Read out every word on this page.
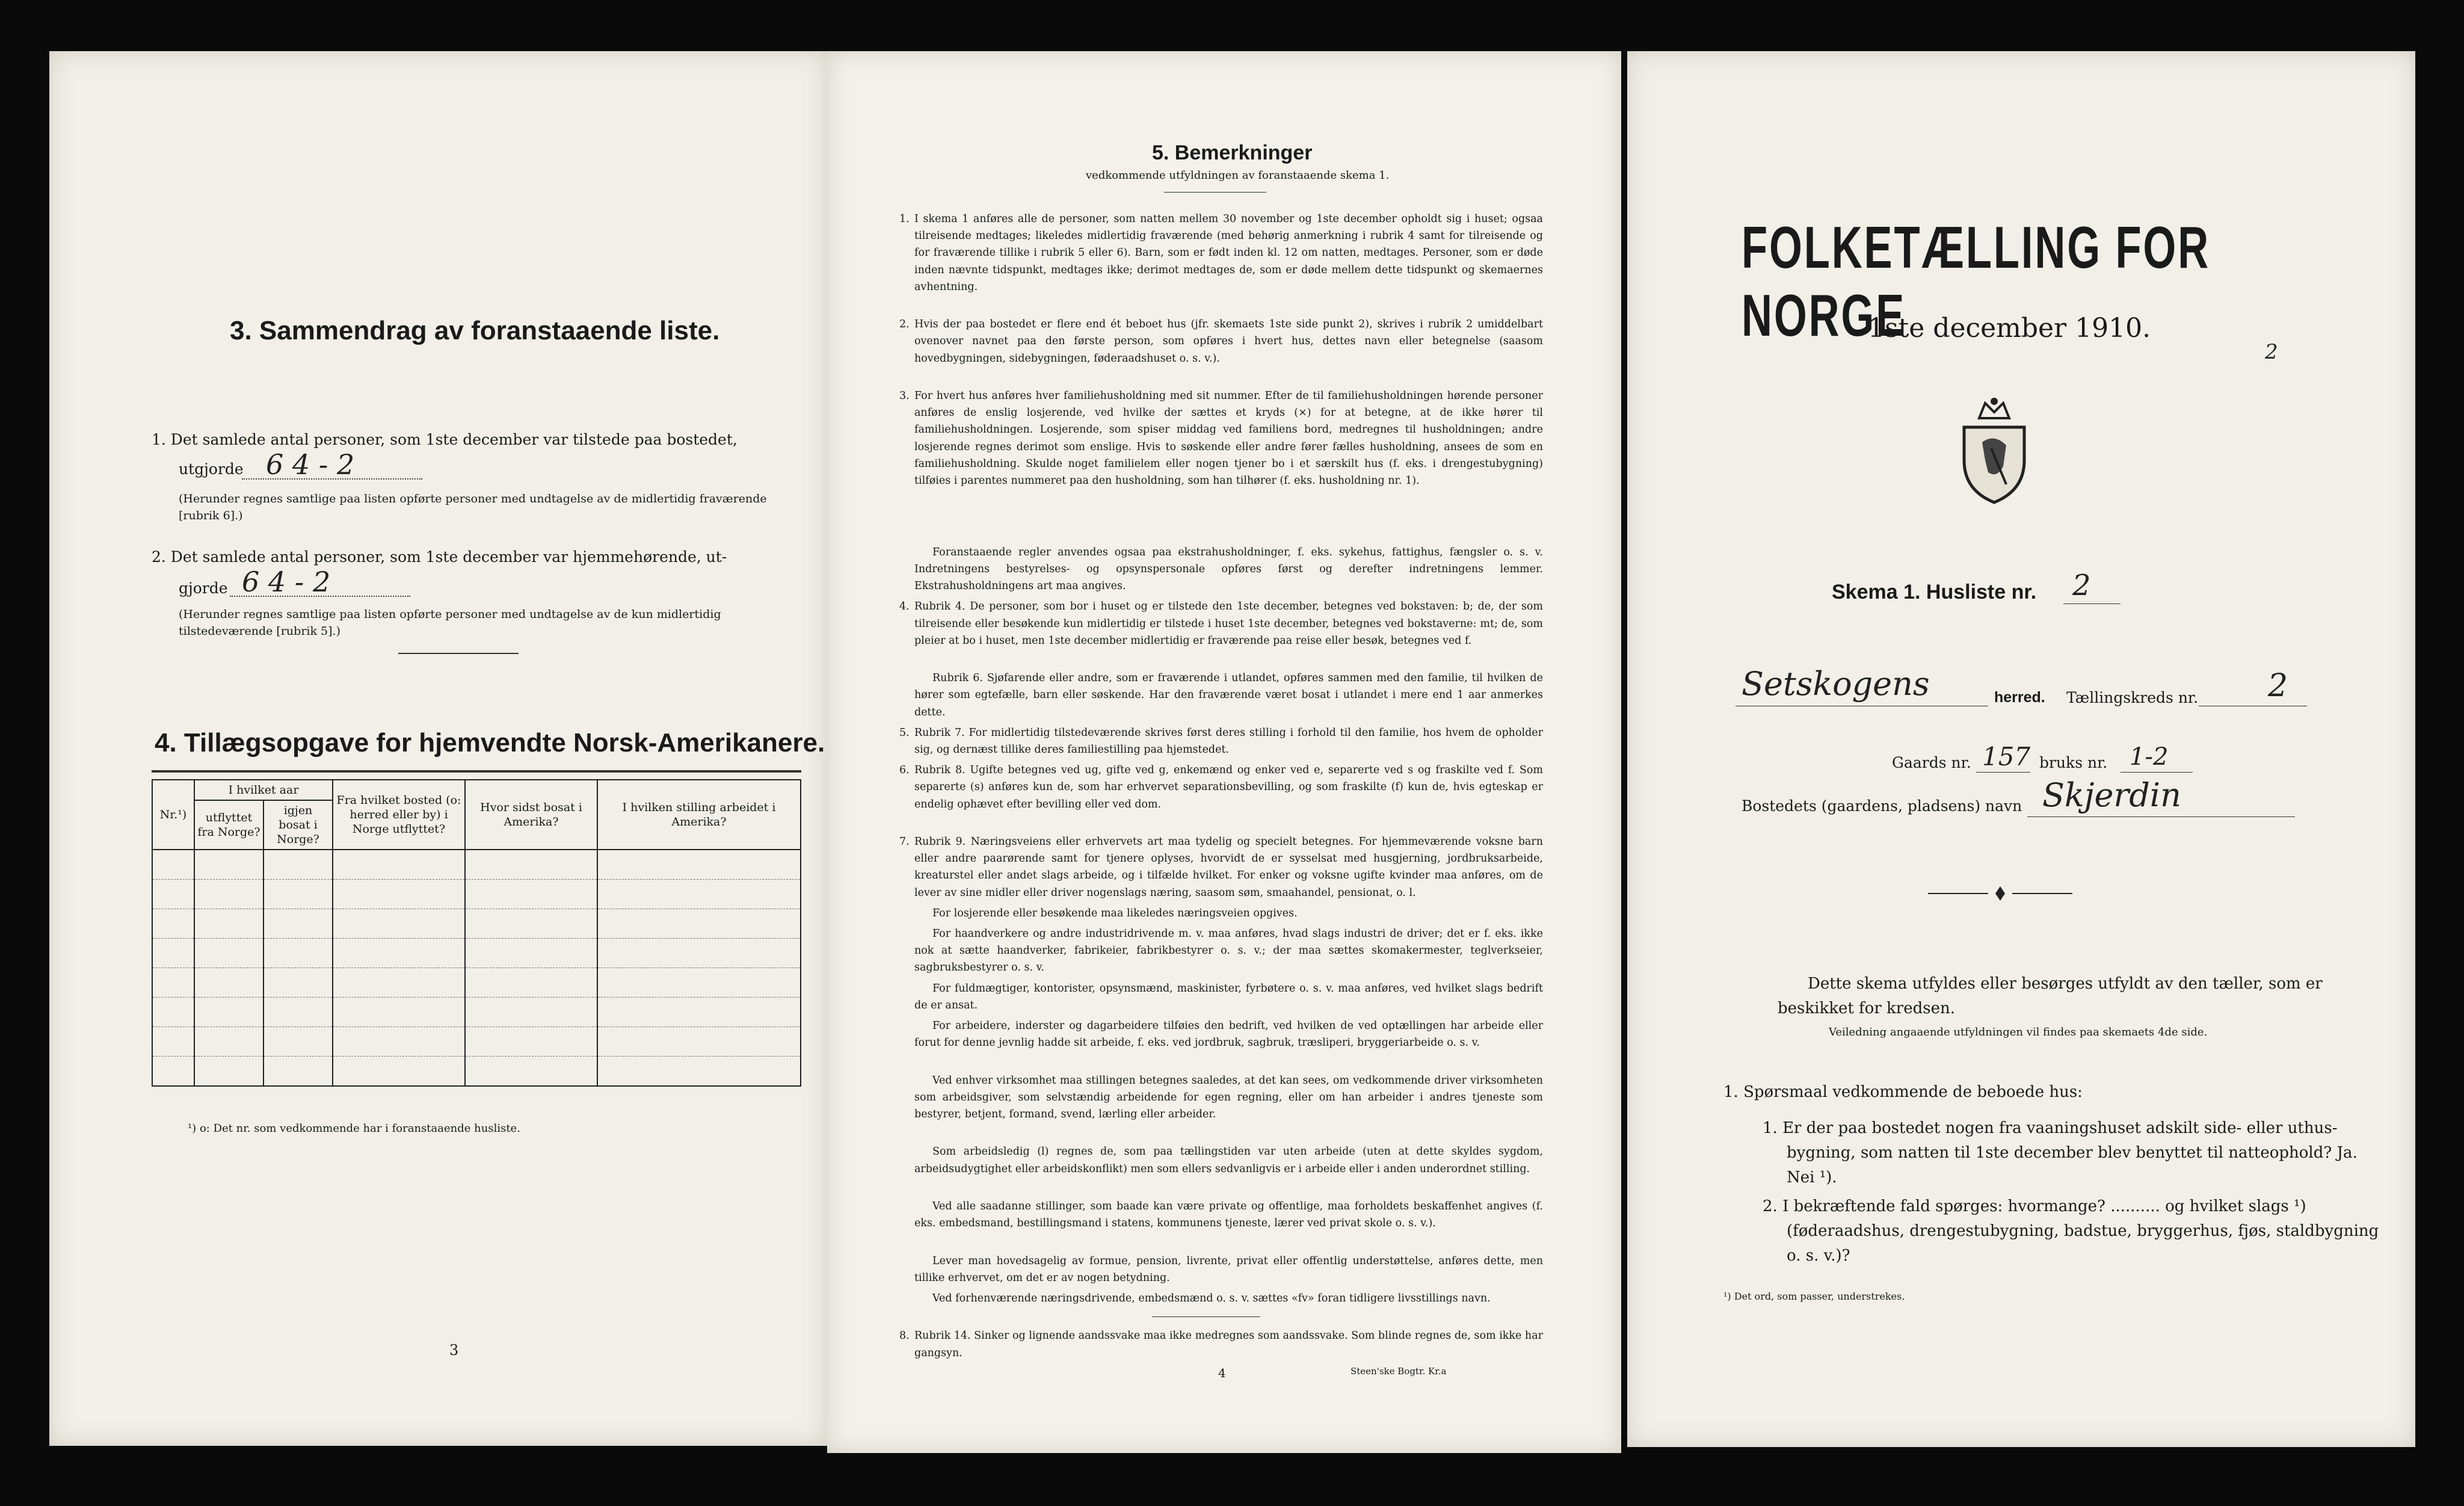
3. Sammendrag av foranstaaende liste.
1. Det samlede antal personer, som 1ste december var tilstede paa bostedet,
utgjorde 6 4 - 2
(Herunder regnes samtlige paa listen opførte personer med undtagelse av de midlertidig fraværende [rubrik 6].)
2. Det samlede antal personer, som 1ste december var hjemmehørende, ut-
gjorde 6 4 - 2
(Herunder regnes samtlige paa listen opførte personer med undtagelse av de kun midlertidig tilstedeværende [rubrik 5].)
4. Tillægsopgave for hjemvendte Norsk-Amerikanere.
Nr.¹)	I hvilket aar		Fra hvilket bosted (o: herred eller by) i Norge utflyttet?	Hvor sidst bosat i Amerika?	I hvilken stilling arbeidet i Amerika?
	utflyttet fra Norge?	igjen bosat i Norge?			

¹) o: Det nr. som vedkommende har i foranstaaende husliste.
3
5. Bemerkninger
vedkommende utfyldningen av foranstaaende skema 1.
1. I skema 1 anføres alle de personer, som natten mellem 30 november og 1ste december opholdt sig i huset; ogsaa tilreisende medtages; likeledes midlertidig fraværende (med behørig anmerkning i rubrik 4 samt for tilreisende og for fraværende tillike i rubrik 5 eller 6). Barn, som er født inden kl. 12 om natten, medtages. Personer, som er døde inden nævnte tidspunkt, medtages ikke; derimot medtages de, som er døde mellem dette tidspunkt og skemaernes avhentning.
2. Hvis der paa bostedet er flere end ét beboet hus (jfr. skemaets 1ste side punkt 2), skrives i rubrik 2 umiddelbart ovenover navnet paa den første person, som opføres i hvert hus, dettes navn eller betegnelse (saasom hovedbygningen, sidebygningen, føderaadshuset o. s. v.).
3. For hvert hus anføres hver familiehusholdning med sit nummer. Efter de til familiehusholdningen hørende personer anføres de enslig losjerende, ved hvilke der sættes et kryds (×) for at betegne, at de ikke hører til familiehusholdningen. Losjerende, som spiser middag ved familiens bord, medregnes til husholdningen; andre losjerende regnes derimot som enslige. Hvis to søskende eller andre fører fælles husholdning, ansees de som en familiehusholdning. Skulde noget familielem eller nogen tjener bo i et særskilt hus (f. eks. i drengestubygning) tilføies i parentes nummeret paa den husholdning, som han tilhører (f. eks. husholdning nr. 1).
Foranstaaende regler anvendes ogsaa paa ekstrahusholdninger, f. eks. sykehus, fattighus, fængsler o. s. v. Indretningens bestyrelses- og opsynspersonale opføres først og derefter indretningens lemmer. Ekstrahusholdningens art maa angives.
4. Rubrik 4. De personer, som bor i huset og er tilstede den 1ste december, betegnes ved bokstaven: b; de, der som tilreisende eller besøkende kun midlertidig er tilstede i huset 1ste december, betegnes ved bokstaverne: mt; de, som pleier at bo i huset, men 1ste december midlertidig er fraværende paa reise eller besøk, betegnes ved f.
Rubrik 6. Sjøfarende eller andre, som er fraværende i utlandet, opføres sammen med den familie, til hvilken de hører som egtefælle, barn eller søskende. Har den fraværende været bosat i utlandet i mere end 1 aar anmerkes dette.
5. Rubrik 7. For midlertidig tilstedeværende skrives først deres stilling i forhold til den familie, hos hvem de opholder sig, og dernæst tillike deres familiestilling paa hjemstedet.
6. Rubrik 8. Ugifte betegnes ved ug, gifte ved g, enkemænd og enker ved e, separerte ved s og fraskilte ved f. Som separerte (s) anføres kun de, som har erhvervet separationsbevilling, og som fraskilte (f) kun de, hvis egteskap er endelig ophævet efter bevilling eller ved dom.
7. Rubrik 9. Næringsveiens eller erhvervets art maa tydelig og specielt betegnes. For hjemmeværende voksne barn eller andre paarørende samt for tjenere oplyses, hvorvidt de er sysselsat med husgjerning, jordbruksarbeide, kreaturstel eller andet slags arbeide, og i tilfælde hvilket. For enker og voksne ugifte kvinder maa anføres, om de lever av sine midler eller driver nogenslags næring, saasom søm, smaahandel, pensionat, o. l.
For losjerende eller besøkende maa likeledes næringsveien opgives.
For haandverkere og andre industridrivende m. v. maa anføres, hvad slags industri de driver; det er f. eks. ikke nok at sætte haandverker, fabrikeier, fabrikbestyrer o. s. v.; der maa sættes skomakermester, teglverkseier, sagbruksbestyrer o. s. v.
For fuldmægtiger, kontorister, opsynsmænd, maskinister, fyrbøtere o. s. v. maa anføres, ved hvilket slags bedrift de er ansat.
For arbeidere, inderster og dagarbeidere tilføies den bedrift, ved hvilken de ved optællingen har arbeide eller forut for denne jevnlig hadde sit arbeide, f. eks. ved jordbruk, sagbruk, træsliperi, bryggeriarbeide o. s. v.
Ved enhver virksomhet maa stillingen betegnes saaledes, at det kan sees, om vedkommende driver virksomheten som arbeidsgiver, som selvstændig arbeidende for egen regning, eller om han arbeider i andres tjeneste som bestyrer, betjent, formand, svend, lærling eller arbeider.
Som arbeidsledig (l) regnes de, som paa tællingstiden var uten arbeide (uten at dette skyldes sygdom, arbeidsudygtighet eller arbeidskonflikt) men som ellers sedvanligvis er i arbeide eller i anden underordnet stilling.
Ved alle saadanne stillinger, som baade kan være private og offentlige, maa forholdets beskaffenhet angives (f. eks. embedsmand, bestillingsmand i statens, kommunens tjeneste, lærer ved privat skole o. s. v.).
Lever man hovedsagelig av formue, pension, livrente, privat eller offentlig understøttelse, anføres dette, men tillike erhvervet, om det er av nogen betydning.
Ved forhenværende næringsdrivende, embedsmænd o. s. v. sættes «fv» foran tidligere livsstillings navn.
8. Rubrik 14. Sinker og lignende aandssvake maa ikke medregnes som aandssvake. Som blinde regnes de, som ikke har gangsyn.
4	Steen'ske Bogtr. Kr.a
FOLKETÆLLING FOR NORGE
2
1ste december 1910.
Skema 1. Husliste nr. 2
Setskogens	herred. Tællingskreds nr. 2
Gaards nr. 157 bruks nr. 1-2
Bostedets (gaardens, pladsens) navn Skjerdin
Dette skema utfyldes eller besørges utfyldt av den tæller, som er beskikket for kredsen.
Veiledning angaaende utfyldningen vil findes paa skemaets 4de side.
1. Spørsmaal vedkommende de beboede hus:
1. Er der paa bostedet nogen fra vaaningshuset adskilt side- eller uthus-bygning, som natten til 1ste december blev benyttet til natteophold? Ja. Nei ¹).
2. I bekræftende fald spørges: hvormange? .......... og hvilket slags ¹) (føderaadshus, drengestubygning, badstue, bryggerhus, fjøs, staldbygning o. s. v.)?
¹) Det ord, som passer, understrekes.
